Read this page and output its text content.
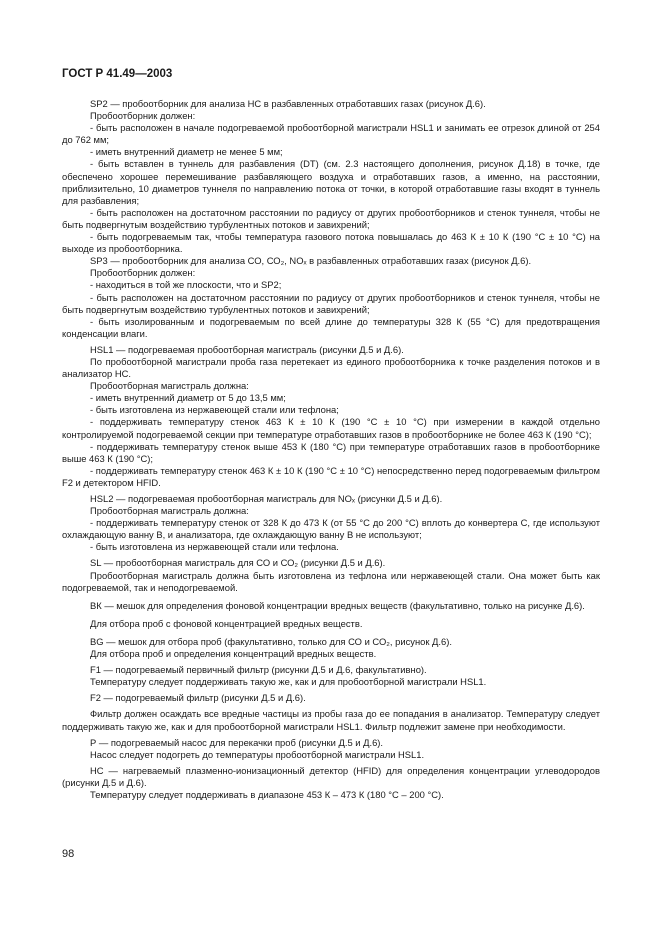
ГОСТ Р 41.49—2003

SP2 — пробоотборник для анализа НС в разбавленных отработавших газах (рисунок Д.6).

Пробоотборник должен:

- быть расположен в начале подогреваемой пробоотборной магистрали HSL1 и занимать ее отрезок длиной от 254 до 762 мм;

- иметь внутренний диаметр не менее 5 мм;

- быть вставлен в туннель для разбавления (DT) (см. 2.3 настоящего дополнения, рисунок Д.18) в точке, где обеспечено хорошее перемешивание разбавляющего воздуха и отработавших газов, а именно, на расстоянии, приблизительно, 10 диаметров туннеля по направлению потока от точки, в которой отработавшие газы входят в туннель для разбавления;

- быть расположен на достаточном расстоянии по радиусу от других пробоотборников и стенок туннеля, чтобы не быть подвергнутым воздействию турбулентных потоков и завихрений;

- быть подогреваемым так, чтобы температура газового потока повышалась до 463 К ± 10 К (190 °С ± 10 °С) на выходе из пробоотборника.

SP3 — пробоотборник для анализа СО, СО₂, NOₓ в разбавленных отработавших газах (рисунок Д.6).

Пробоотборник должен:

- находиться в той же плоскости, что и SP2;

- быть расположен на достаточном расстоянии по радиусу от других пробоотборников и стенок туннеля, чтобы не быть подвергнутым воздействию турбулентных потоков и завихрений;

- быть изолированным и подогреваемым по всей длине до температуры 328 К (55 °С) для предотвращения конденсации влаги.

HSL1 — подогреваемая пробоотборная магистраль (рисунки Д.5 и Д.6).

По пробоотборной магистрали проба газа перетекает из единого пробоотборника к точке разделения потоков и в анализатор НС.

Пробоотборная магистраль должна:

- иметь внутренний диаметр от 5 до 13,5 мм;

- быть изготовлена из нержавеющей стали или тефлона;

- поддерживать температуру стенок 463 К ± 10 К (190 °С ± 10 °С) при измерении в каждой отдельно контролируемой подогреваемой секции при температуре отработавших газов в пробоотборнике не более 463 К (190 °С);

- поддерживать температуру стенок выше 453 К (180 °С) при температуре отработавших газов в пробоотборнике выше 463 К (190 °С);

- поддерживать температуру стенок 463 К ± 10 К (190 °С ± 10 °С) непосредственно перед подогреваемым фильтром F2 и детектором HFID.

HSL2 — подогреваемая пробоотборная магистраль для NOₓ (рисунки Д.5 и Д.6).

Пробоотборная магистраль должна:

- поддерживать температуру стенок от 328 К до 473 К (от 55 °С до 200 °С) вплоть до конвертера С, где используют охлаждающую ванну В, и анализатора, где охлаждающую ванну В не используют;

- быть изготовлена из нержавеющей стали или тефлона.

SL — пробоотборная магистраль для СО и СО₂ (рисунки Д.5 и Д.6).

Пробоотборная магистраль должна быть изготовлена из тефлона или нержавеющей стали. Она может быть как подогреваемой, так и неподогреваемой.

ВК — мешок для определения фоновой концентрации вредных веществ (факультативно, только на рисунке Д.6).

Для отбора проб с фоновой концентрацией вредных веществ.

BG — мешок для отбора проб (факультативно, только для СО и СО₂, рисунок Д.6).

Для отбора проб и определения концентраций вредных веществ.

F1 — подогреваемый первичный фильтр (рисунки Д.5 и Д.6, факультативно).

Температуру следует поддерживать такую же, как и для пробоотборной магистрали HSL1.

F2 — подогреваемый фильтр (рисунки Д.5 и Д.6).

Фильтр должен осаждать все вредные частицы из пробы газа до ее попадания в анализатор. Температуру следует поддерживать такую же, как и для пробоотборной магистрали HSL1. Фильтр подлежит замене при необходимости.

Р — подогреваемый насос для перекачки проб (рисунки Д.5 и Д.6).

Насос следует подогреть до температуры пробоотборной магистрали HSL1.

НС — нагреваемый плазменно-ионизационный детектор (HFID) для определения концентрации углеводородов (рисунки Д.5 и Д.6).

Температуру следует поддерживать в диапазоне 453 К – 473 К (180 °С – 200 °С).

98
